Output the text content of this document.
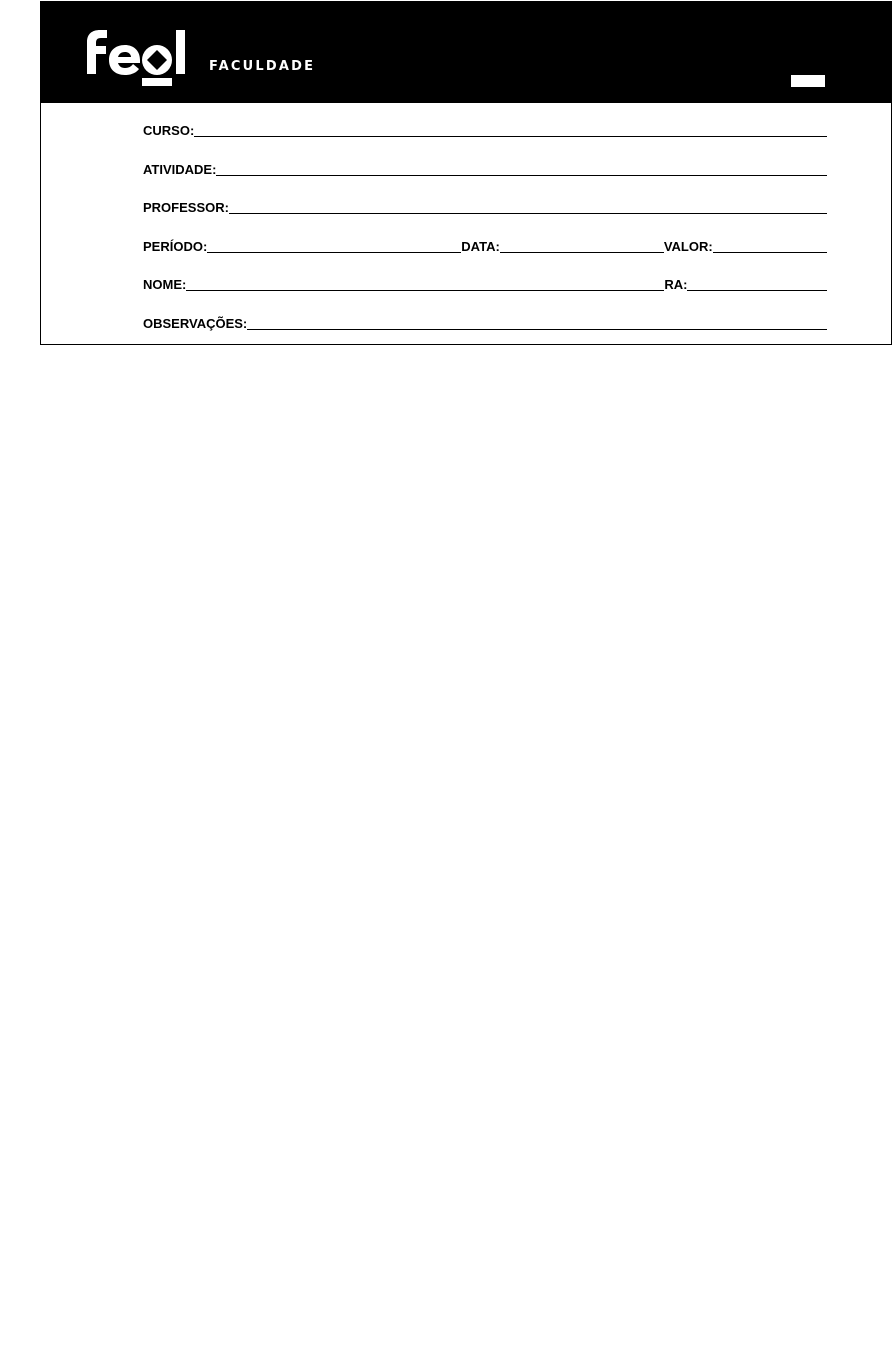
FACULDADE
CURSO:
ATIVIDADE:
PROFESSOR:
PERÍODO:	DATA:	VALOR:
NOME:	RA:
OBSERVAÇÕES:
